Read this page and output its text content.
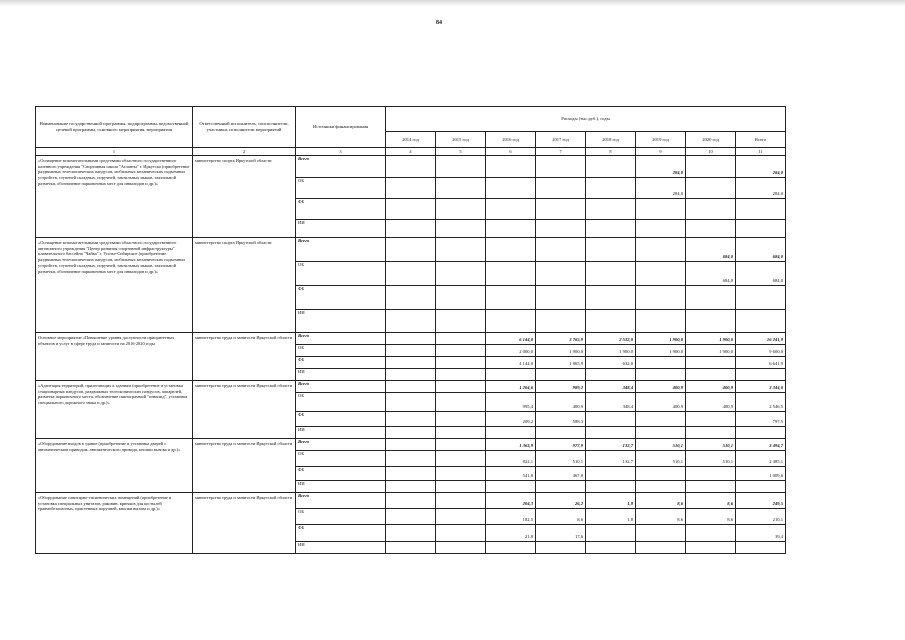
84
Наименование государственной программы, подпрограммы, ведомственной целевой программы, основного мероприятия, мероприятия	Ответственный исполнитель, соисполнители, участники, исполнители мероприятий	Источники финансирования	Расходы (тыс.руб.), годы							
			2014 год	2015 год	2016 год	2017 год	2018 год	2019 год	2020 год	Всего
1	2	3	4	5	6	7	8	9	10	11
«Оснащение вспомогательными средствами областного государственного казенного учреждения "Спортивная школа "Атланты" г. Иркутска (приобретение раздвижных телескопических пандусов, мобильных механических подъемных устройств, ступеней складных, поручней, тактильных знаков, тактильной разметки, обозначение парковочных мест для инвалидов и др.)»	министерство спорта Иркутской области	Всего						284,0		284,0
		ОБ						284,0		284,0
		ФБ								
		ИИ								
«Оснащение вспомогательными средствами областного государственного автономного учреждения "Центр развития спортивной инфраструктуры" плавательного бассейна "Чайка" г. Усолье-Сибирское (приобретение раздвижных телескопических пандусов, мобильных механических подъемных устройств, ступеней складных, поручней, тактильных знаков, тактильной разметки, обозначение парковочных мест для инвалидов и др.)»	министерство спорта Иркутской области	Всего							684,0	684,0
		ОБ							684,0	684,0
		ФБ								
		ИИ								
Основное мероприятие «Повышение уровня доступности приоритетных объектов и услуг в сфере труда и занятости на 2016-2020 годы	министерство труда и занятости Иркутской области	Всего			6 144,0	3 765,9	2 532,0	1 900,0	1 900,0	16 241,9
		ОБ			2 000,0	1 900,0	1 900,0	1 900,0	1 900,0	9 600,0
		ФБ			4 144,0	1 865,9	632,0			6 641,9
		ИИ								
«Адаптация территорий, прилегающих к зданиям (приобретение и установка стационарных пандусов, раздвижных телескопических пандусов, аппарелей, разметка парковочного места, обозначение пиктограммой "инвалид", установка специального дорожного знака и др.)»	министерство труда и занятости Иркутской области	Всего			1 204,6	989,2	348,4	400,9	400,9	3 344,0
		ОБ			995,4	400,9	348,4	400,9	400,9	2 546,5
		ФБ			209,2	588,3				797,5
		ИИ								
«Оборудование входов в здание (приобретение и установка дверей с автоматическим приводом, автоматического привода, кнопки вызова и др.)»	министерство труда и занятости Иркутской области	Всего			1 363,9	977,9	132,7	510,1	510,1	3 494,7
		ОБ			822,1	510,1	132,7	510,1	510,1	2 485,1
		ФБ			541,8	467,8				1 009,6
		ИИ								
«Оборудование санитарно-гигиенических помещений (приобретение и установка специальных унитазов, раковин, крючков для костылей травмобезопасных, пристенных поручней, кнопки вызова и др.)»	министерство труда и занятости Иркутской области	Всего			204,3	26,2	1,8	8,6	8,6	249,5
		ОБ			182,5	8,6	1,8	8,6	8,6	210,1
		ФБ			21,8	17,6				39,4
		ИИ								
